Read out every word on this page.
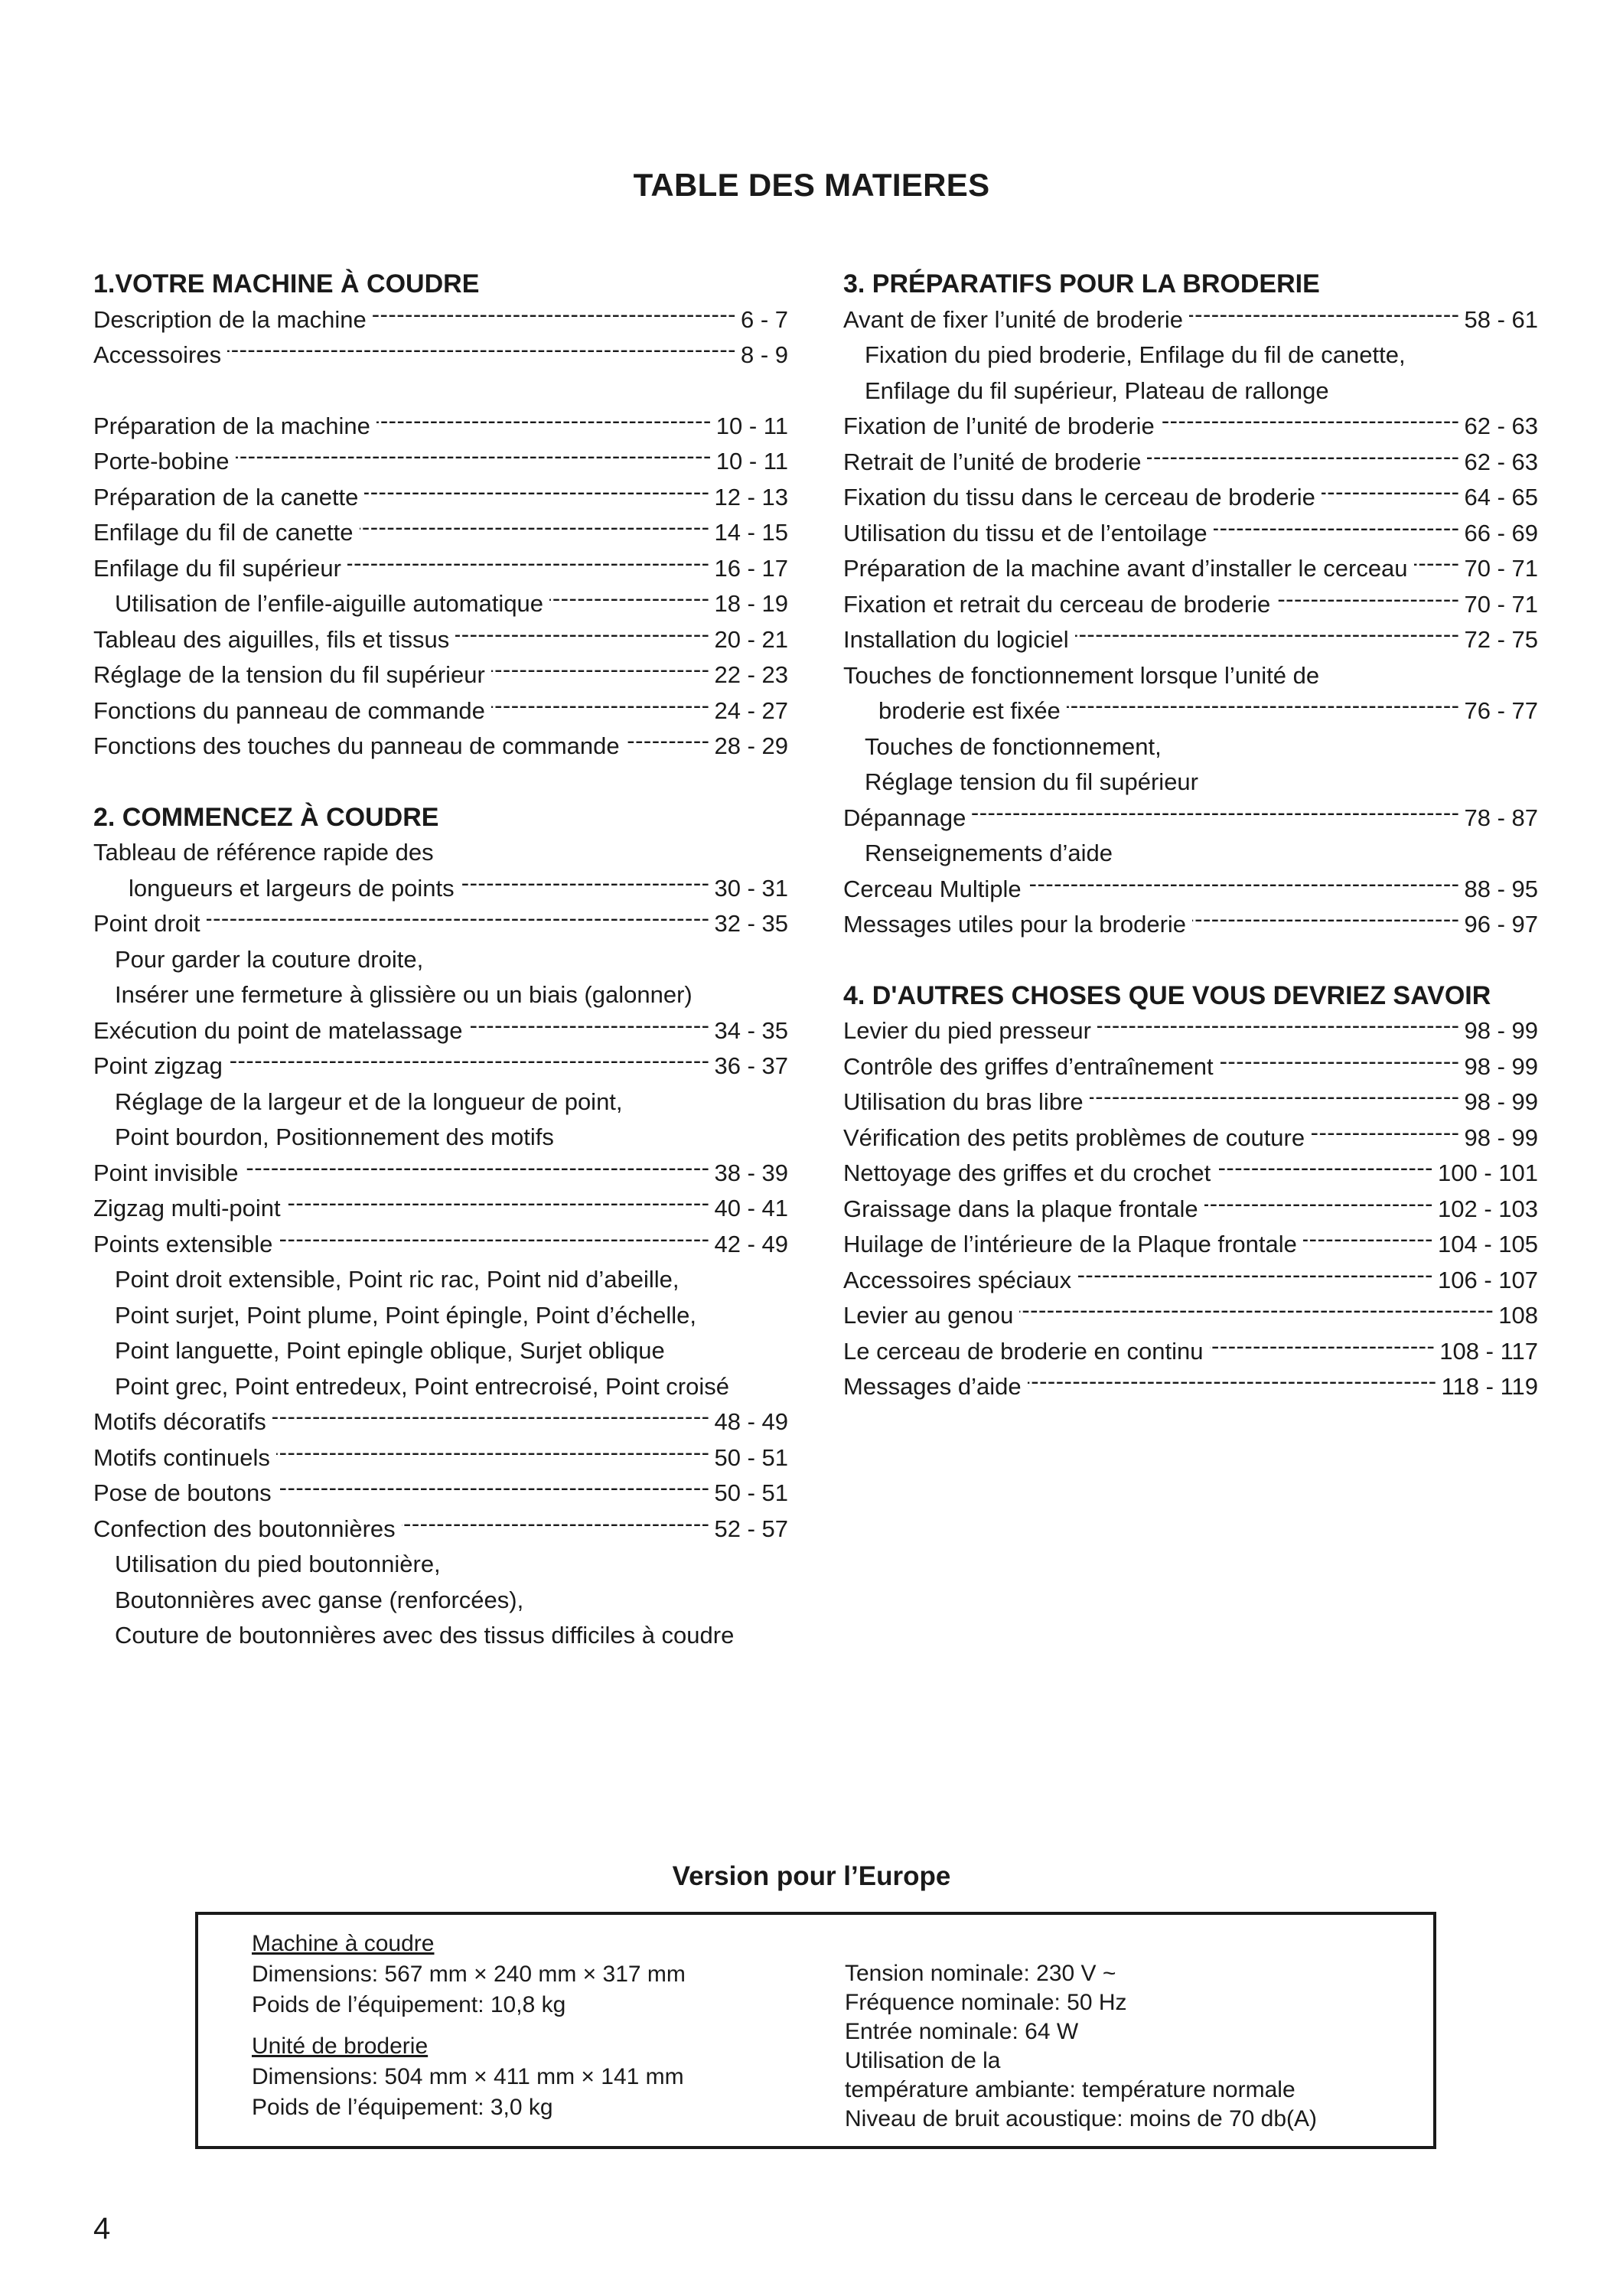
TABLE DES MATIERES
1.VOTRE MACHINE À COUDRE
Description de la machine -----	6 - 7
Accessoires -----	8 - 9
Préparation de la machine -----	10 - 11
Porte-bobine -----	10 - 11
Préparation de la canette -----	12 - 13
Enfilage du fil de canette -----	14 - 15
Enfilage du fil supérieur -----	16 - 17
Utilisation de l’enfile-aiguille automatique -----	18 - 19
Tableau des aiguilles, fils et tissus -----	20 - 21
Réglage de la tension du fil supérieur -----	22 - 23
Fonctions du panneau de commande -----	24 - 27
Fonctions des touches du panneau de commande -----	28 - 29
2. COMMENCEZ À COUDRE
Tableau de référence rapide des
longueurs et largeurs de points -----	30 - 31
Point droit -----	32 - 35
Pour garder la couture droite,
Insérer une fermeture à glissière ou un biais (galonner)
Exécution du point de matelassage -----	34 - 35
Point zigzag -----	36 - 37
Réglage de la largeur et de la longueur de point,
Point bourdon, Positionnement des motifs
Point invisible -----	38 - 39
Zigzag multi-point -----	40 - 41
Points extensible -----	42 - 49
Point droit extensible, Point ric rac, Point nid d’abeille,
Point surjet, Point plume, Point épingle, Point d’échelle,
Point languette, Point epingle oblique, Surjet oblique
Point grec, Point entredeux, Point entrecroisé, Point croisé
Motifs décoratifs -----	48 - 49
Motifs continuels -----	50 - 51
Pose de boutons -----	50 - 51
Confection des boutonnières -----	52 - 57
Utilisation du pied boutonnière,
Boutonnières avec ganse (renforcées),
Couture de boutonnières avec des tissus difficiles à coudre
3. PRÉPARATIFS POUR LA BRODERIE
Avant de fixer l’unité de broderie -----	58 - 61
Fixation du pied broderie, Enfilage du fil de canette,
Enfilage du fil supérieur, Plateau de rallonge
Fixation de l’unité de broderie -----	62 - 63
Retrait de l’unité de broderie -----	62 - 63
Fixation du tissu dans le cerceau de broderie -----	64 - 65
Utilisation du tissu et de l’entoilage -----	66 - 69
Préparation de la machine avant d’installer le cerceau ----- 70 - 71
Fixation et retrait du cerceau de broderie -----	70 - 71
Installation du logiciel -----	72 - 75
Touches de fonctionnement lorsque l’unité de
broderie est fixée -----	76 - 77
Touches de fonctionnement,
Réglage tension du fil supérieur
Dépannage -----	78 - 87
Renseignements d’aide
Cerceau Multiple -----	88 - 95
Messages utiles pour la broderie -----	96 - 97
4. D'AUTRES CHOSES QUE VOUS DEVRIEZ SAVOIR
Levier du pied presseur -----	98 - 99
Contrôle des griffes d’entraînement -----	98 - 99
Utilisation du bras libre -----	98 - 99
Vérification des petits problèmes de couture -----	98 - 99
Nettoyage des griffes et du crochet -----	100 - 101
Graissage dans la plaque frontale -----	102 - 103
Huilage de l’intérieure de la Plaque frontale -----	104 - 105
Accessoires spéciaux -----	106 - 107
Levier au genou -----	108
Le cerceau de broderie en continu -----	108 - 117
Messages d’aide -----	118 - 119
Version pour l’Europe
Machine à coudre
Dimensions: 567 mm × 240 mm × 317 mm
Poids de l’équipement: 10,8 kg
Unité de broderie
Dimensions: 504 mm × 411 mm × 141 mm
Poids de l’équipement: 3,0 kg
Tension nominale: 230 V ~
Fréquence nominale: 50 Hz
Entrée nominale: 64 W
Utilisation de la
température ambiante: température normale
Niveau de bruit acoustique: moins de 70 db(A)
4
